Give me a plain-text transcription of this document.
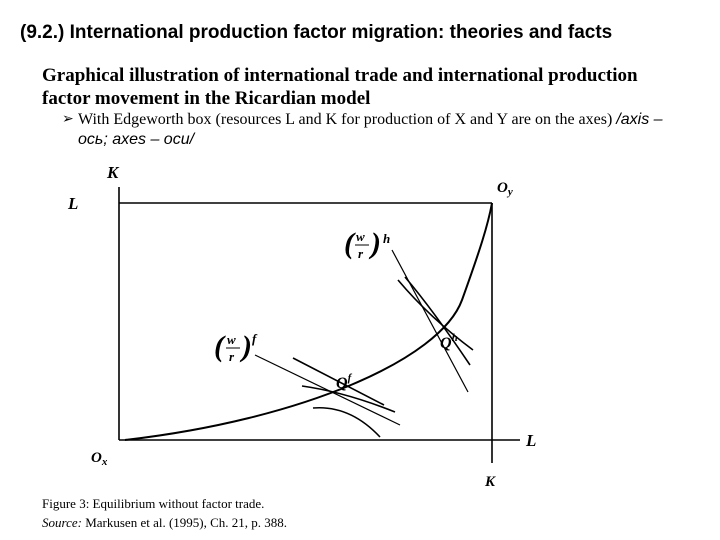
(9.2.) International production factor migration: theories and facts
Graphical illustration of international trade and international production factor movement in the Ricardian model
➢ With Edgeworth box (resources L and K for production of X and Y are on the axes) /axis – ось; axes – оси/
K
L
$O_y$
$O_x$
L
K
$Q^f$
$Q^h$
( w
r ) h
( w
r ) f
Figure 3: Equilibrium without factor trade.
Source: Markusen et al. (1995), Ch. 21, p. 388.
